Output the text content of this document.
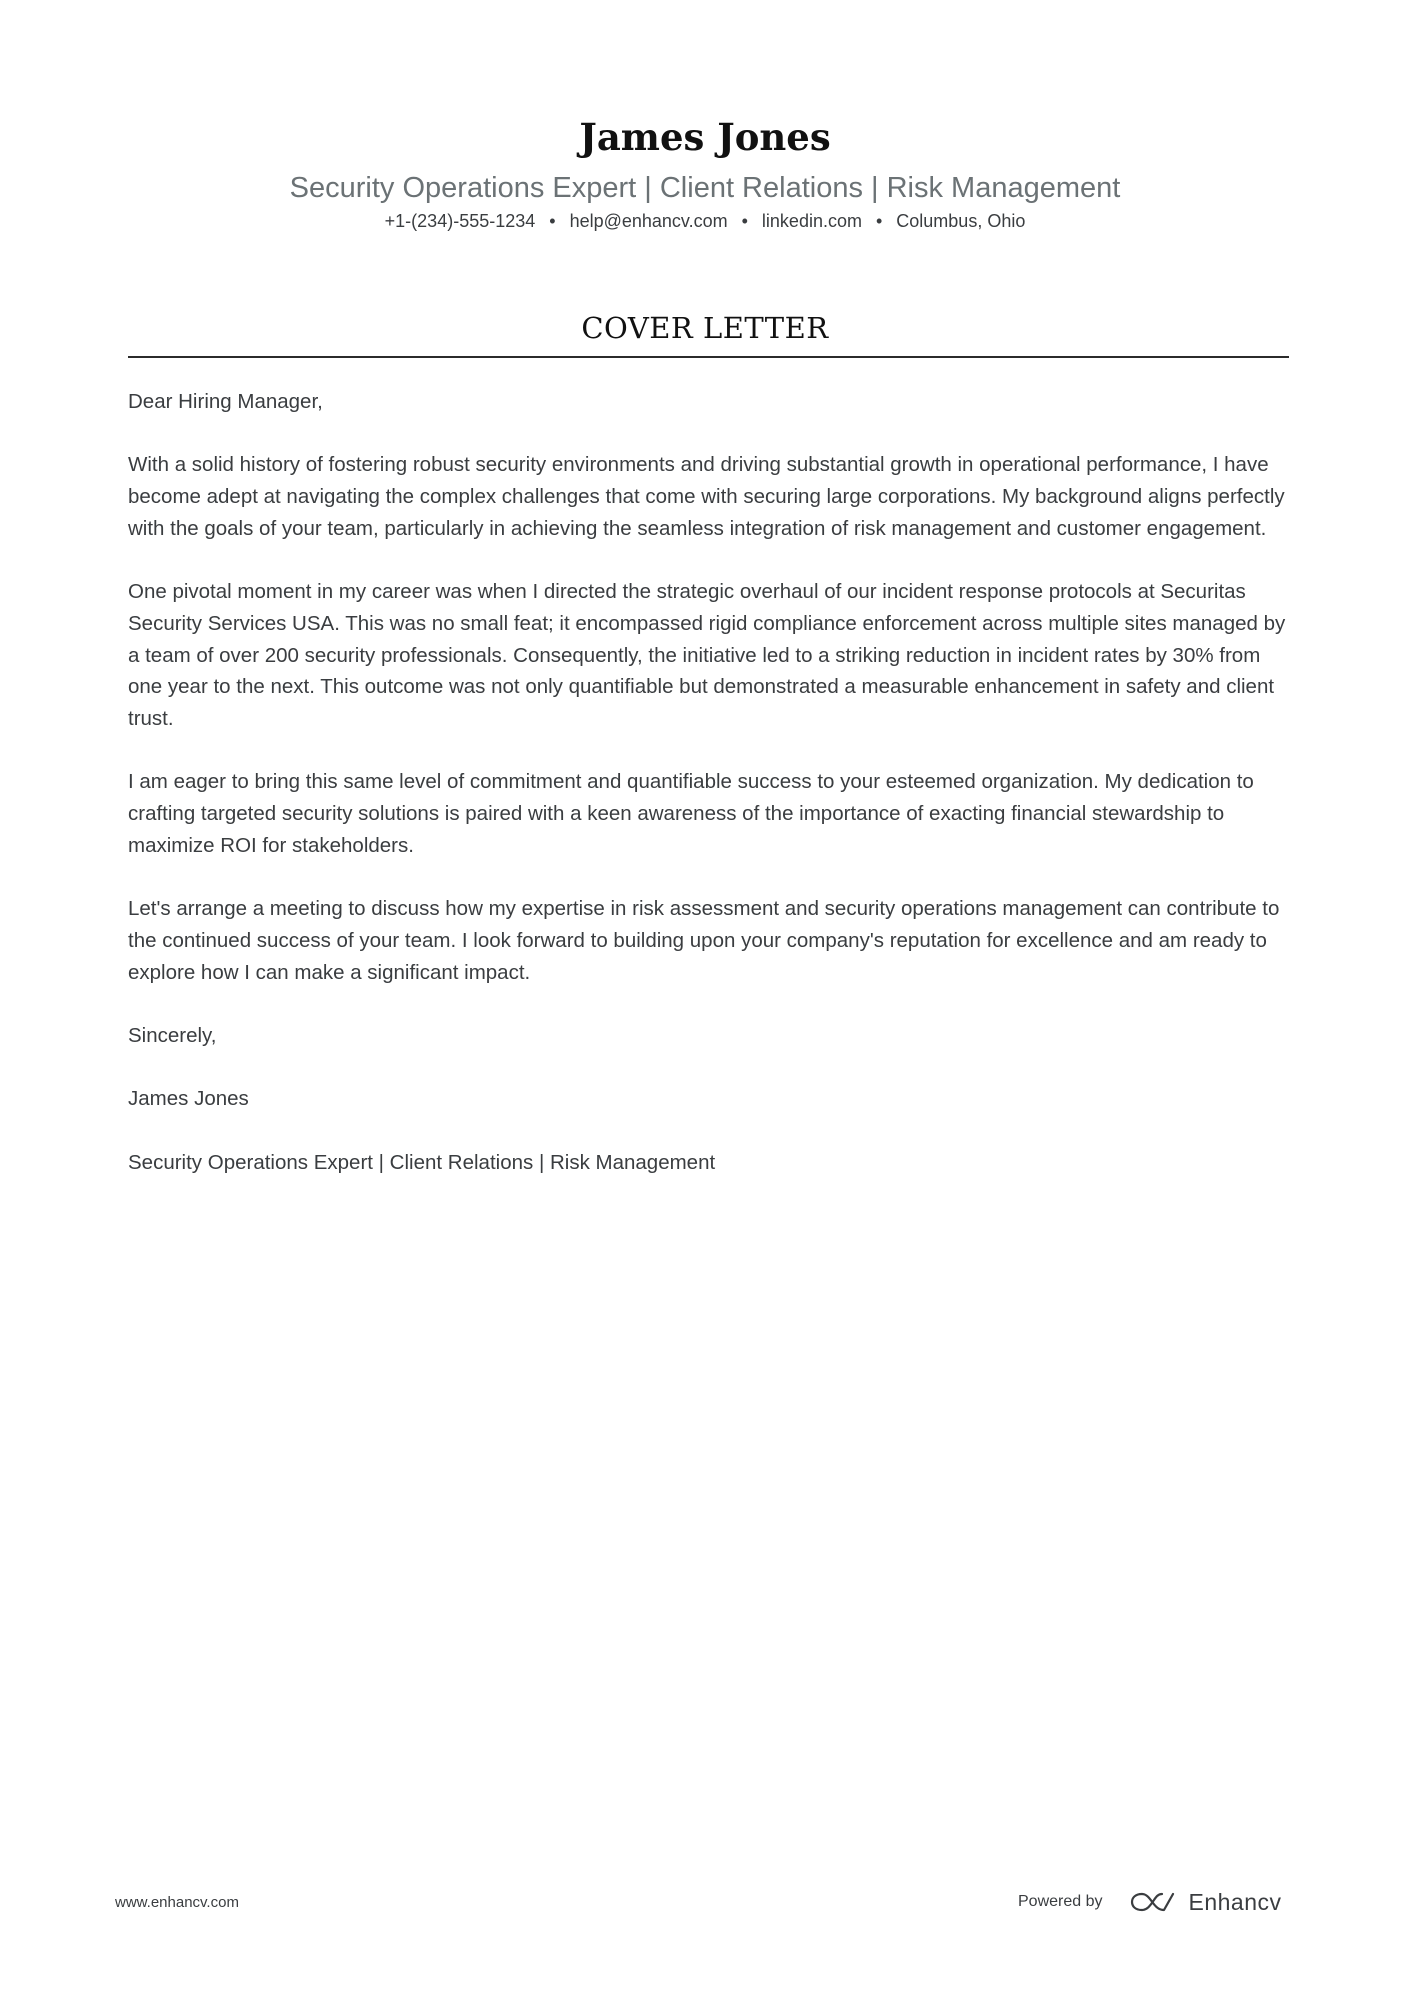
James Jones
Security Operations Expert | Client Relations | Risk Management
+1-(234)-555-1234 • help@enhancv.com • linkedin.com • Columbus, Ohio
COVER LETTER

Dear Hiring Manager,

With a solid history of fostering robust security environments and driving substantial growth in operational performance, I have become adept at navigating the complex challenges that come with securing large corporations. My background aligns perfectly with the goals of your team, particularly in achieving the seamless integration of risk management and customer engagement.

One pivotal moment in my career was when I directed the strategic overhaul of our incident response protocols at Securitas Security Services USA. This was no small feat; it encompassed rigid compliance enforcement across multiple sites managed by a team of over 200 security professionals. Consequently, the initiative led to a striking reduction in incident rates by 30% from one year to the next. This outcome was not only quantifiable but demonstrated a measurable enhancement in safety and client trust.

I am eager to bring this same level of commitment and quantifiable success to your esteemed organization. My dedication to crafting targeted security solutions is paired with a keen awareness of the importance of exacting financial stewardship to maximize ROI for stakeholders.

Let's arrange a meeting to discuss how my expertise in risk assessment and security operations management can contribute to the continued success of your team. I look forward to building upon your company's reputation for excellence and am ready to explore how I can make a significant impact.

Sincerely,

James Jones

Security Operations Expert | Client Relations | Risk Management

www.enhancv.com	Powered by	Enhancv
